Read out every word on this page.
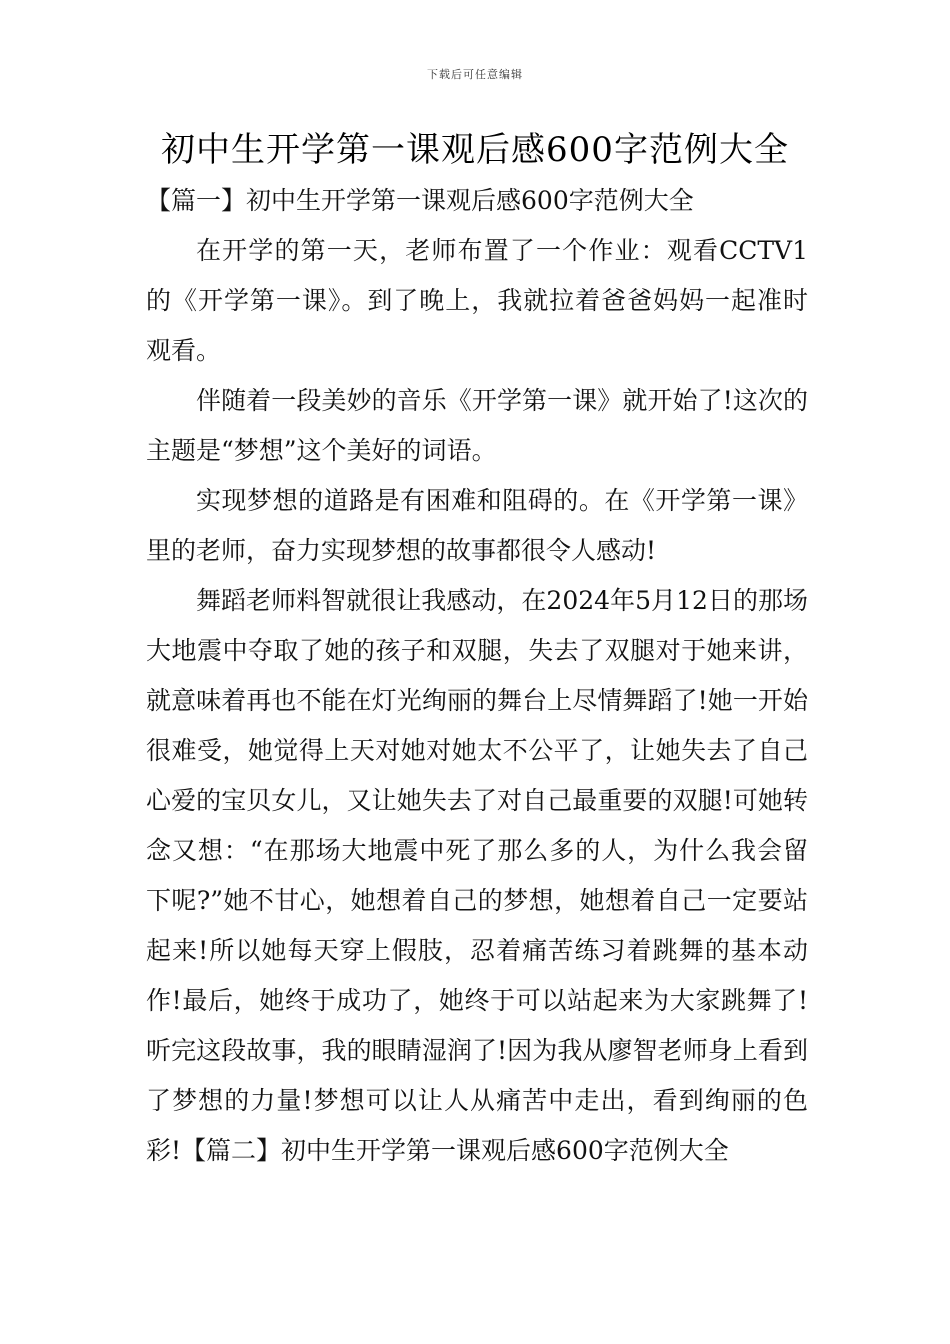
下载后可任意编辑
初中生开学第一课观后感600字范例大全

【篇一】初中生开学第一课观后感600字范例大全

在开学的第一天，老师布置了一个作业：观看CCTV1的《开学第一课》。到了晚上，我就拉着爸爸妈妈一起准时观看。

伴随着一段美妙的音乐《开学第一课》就开始了!这次的主题是“梦想”这个美好的词语。

实现梦想的道路是有困难和阻碍的。在《开学第一课》里的老师，奋力实现梦想的故事都很令人感动!

舞蹈老师料智就很让我感动，在2024年5月12日的那场大地震中夺取了她的孩子和双腿，失去了双腿对于她来讲，就意味着再也不能在灯光绚丽的舞台上尽情舞蹈了!她一开始很难受，她觉得上天对她对她太不公平了，让她失去了自己心爱的宝贝女儿，又让她失去了对自己最重要的双腿!可她转念又想：“在那场大地震中死了那么多的人，为什么我会留下呢?”她不甘心，她想着自己的梦想，她想着自己一定要站起来!所以她每天穿上假肢，忍着痛苦练习着跳舞的基本动作!最后，她终于成功了，她终于可以站起来为大家跳舞了!听完这段故事，我的眼睛湿润了!因为我从廖智老师身上看到了梦想的力量!梦想可以让人从痛苦中走出，看到绚丽的色彩!【篇二】初中生开学第一课观后感600字范例大全
